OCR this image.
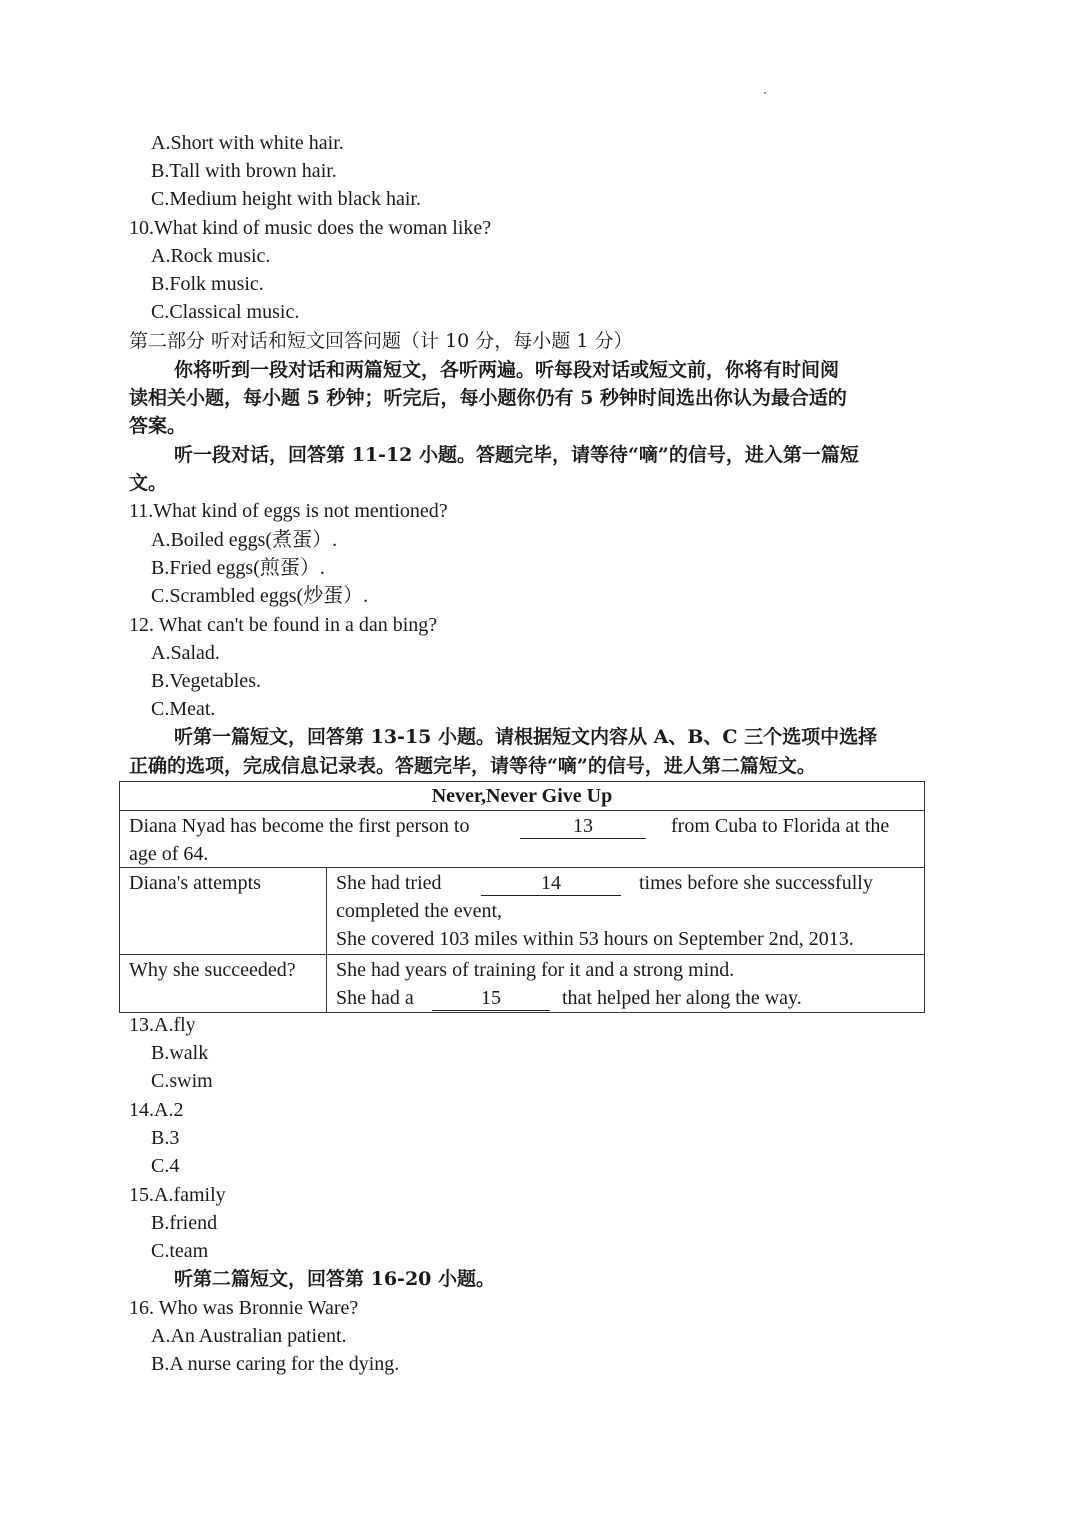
A.Short with white hair.
B.Tall with brown hair.
C.Medium height with black hair.
10.What kind of music does the woman like?
A.Rock music.
B.Folk music.
C.Classical music.
第二部分 听对话和短文回答问题（计 10 分，每小题 1 分）
你将听到一段对话和两篇短文，各听两遍。听每段对话或短文前，你将有时间阅
读相关小题，每小题 5 秒钟；听完后，每小题你仍有 5 秒钟时间选出你认为最合适的
答案。
听一段对话，回答第 11-12 小题。答题完毕，请等待“嘀”的信号，进入第一篇短
文。
11.What kind of eggs is not mentioned?
A.Boiled eggs(煮蛋）.
B.Fried eggs(煎蛋）.
C.Scrambled eggs(炒蛋）.
12. What can't be found in a dan bing?
A.Salad.
B.Vegetables.
C.Meat.
听第一篇短文，回答第 13-15 小题。请根据短文内容从 A、B、C 三个选项中选择
正确的选项，完成信息记录表。答题完毕，请等待“嘀”的信号，进人第二篇短文。
Never,Never Give Up
Diana Nyad has become the first person to	13	from Cuba to Florida at the
age of 64.
Diana's attempts	She had tried	14	times before she successfully
completed the event,
She covered 103 miles within 53 hours on September 2nd, 2013.
Why she succeeded? She had years of training for it and a strong mind.
She had a	15	that helped her along the way.
13.A.fly
B.walk
C.swim
14.A.2
B.3
C.4
15.A.family
B.friend
C.team
听第二篇短文，回答第 16-20 小题。
16. Who was Bronnie Ware?
A.An Australian patient.
B.A nurse caring for the dying.
